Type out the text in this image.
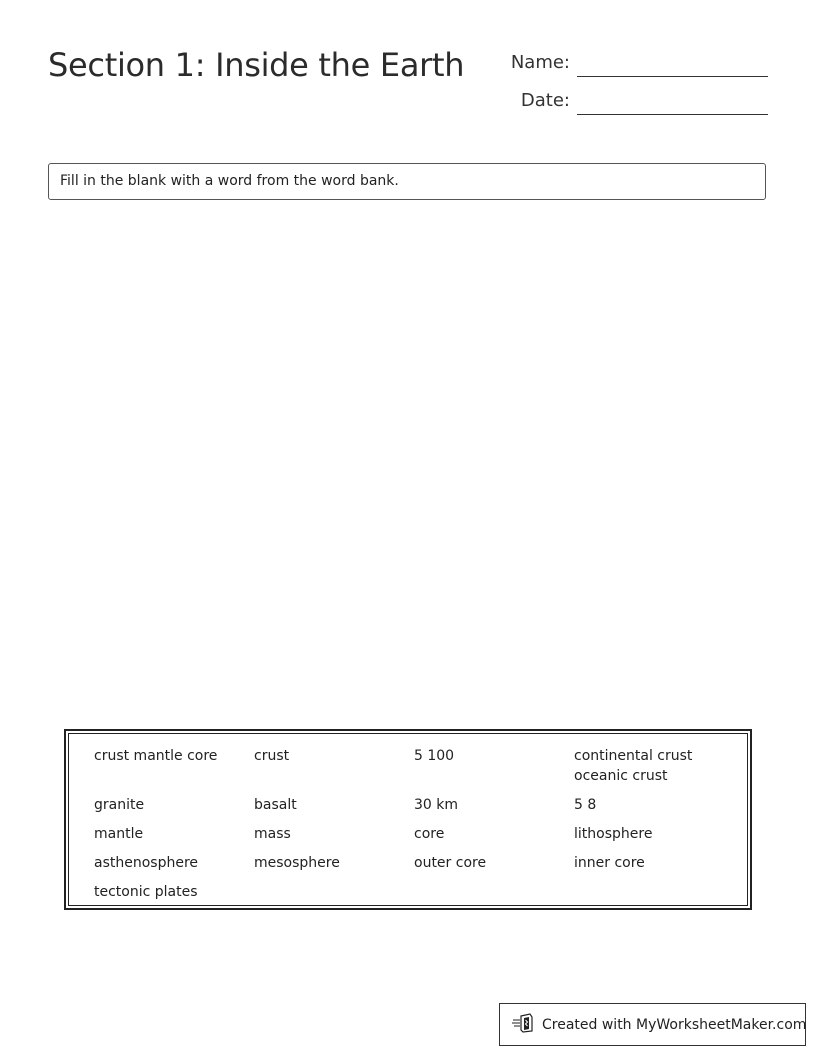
Section 1: Inside the Earth	Name:
Date:
Fill in the blank with a word from the word bank.
crust mantle core	crust	5 100	continental crust oceanic crust
granite	basalt	30 km	5 8
mantle	mass	core	lithosphere
asthenosphere	mesosphere	outer core	inner core
tectonic plates
Created with MyWorksheetMaker.com
